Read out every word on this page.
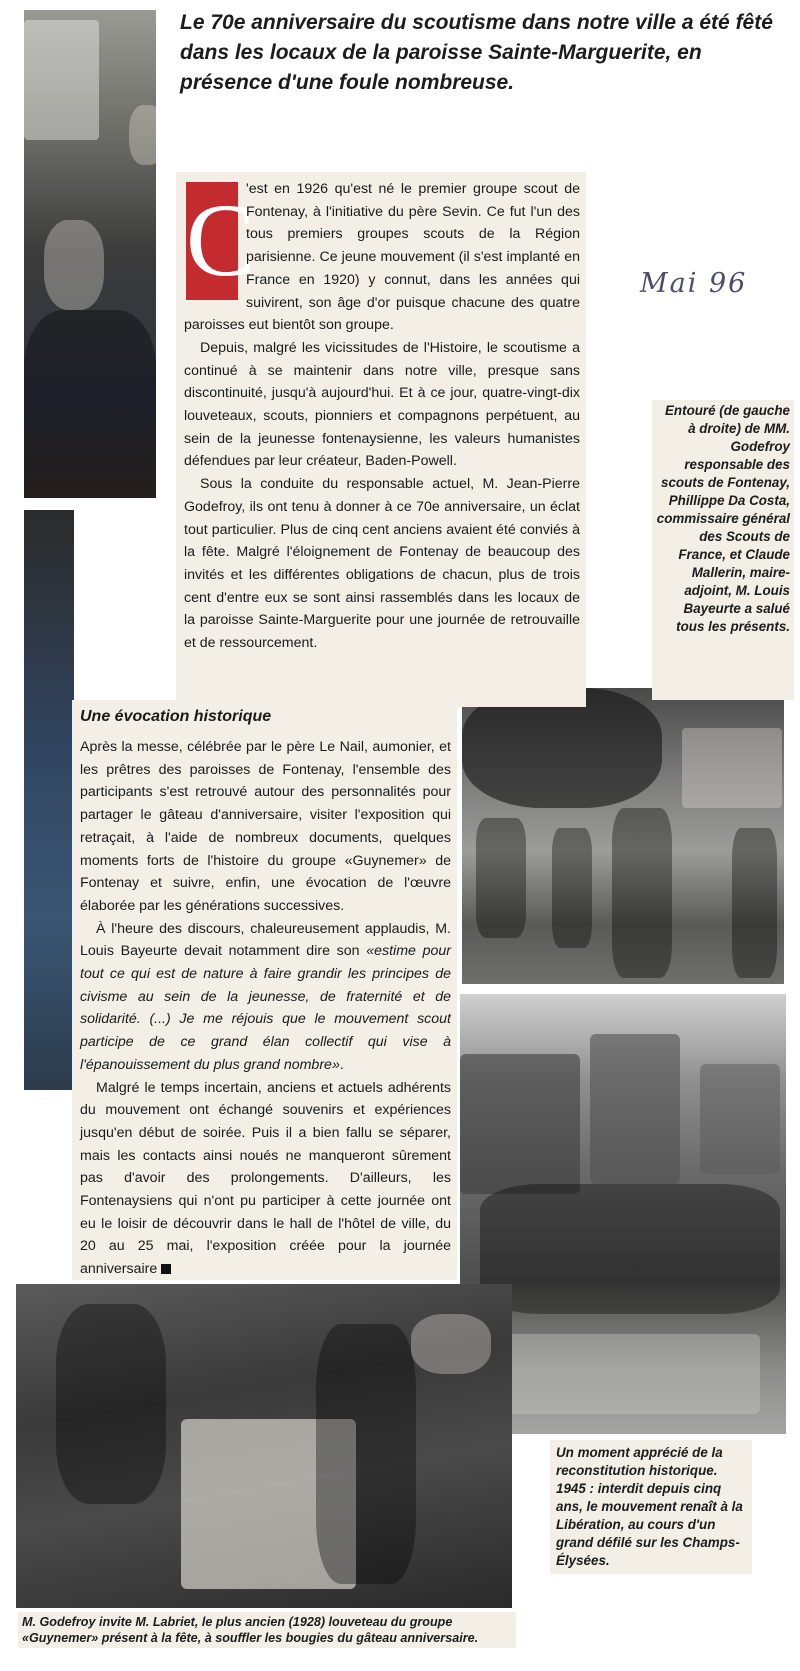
Le 70e anniversaire du scoutisme dans notre ville a été fêté dans les locaux de la paroisse Sainte-Marguerite, en présence d'une foule nombreuse.
Mai 96
C

'est en 1926 qu'est né le premier groupe scout de Fontenay, à l'initiative du père Sevin. Ce fut l'un des tous premiers groupes scouts de la Région parisienne. Ce jeune mouvement (il s'est implanté en France en 1920) y connut, dans les années qui suivirent, son âge d'or puisque chacune des quatre paroisses eut bientôt son groupe.

Depuis, malgré les vicissitudes de l'Histoire, le scoutisme a continué à se maintenir dans notre ville, presque sans discontinuité, jusqu'à aujourd'hui. Et à ce jour, quatre-vingt-dix louveteaux, scouts, pionniers et compagnons perpétuent, au sein de la jeunesse fontenaysienne, les valeurs humanistes défendues par leur créateur, Baden-Powell.

Sous la conduite du responsable actuel, M. Jean-Pierre Godefroy, ils ont tenu à donner à ce 70e anniversaire, un éclat tout particulier. Plus de cinq cent anciens avaient été conviés à la fête. Malgré l'éloignement de Fontenay de beaucoup des invités et les différentes obligations de chacun, plus de trois cent d'entre eux se sont ainsi rassemblés dans les locaux de la paroisse Sainte-Marguerite pour une journée de retrouvaille et de ressourcement.

Entouré (de gauche à droite) de MM. Godefroy responsable des scouts de Fontenay, Phillippe Da Costa, commissaire général des Scouts de France, et Claude Mallerin, maire-adjoint, M. Louis Bayeurte a salué tous les présents.
Une évocation historique

Après la messe, célébrée par le père Le Nail, aumonier, et les prêtres des paroisses de Fontenay, l'ensemble des participants s'est retrouvé autour des personnalités pour partager le gâteau d'anniversaire, visiter l'exposition qui retraçait, à l'aide de nombreux documents, quelques moments forts de l'histoire du groupe «Guynemer» de Fontenay et suivre, enfin, une évocation de l'œuvre élaborée par les générations successives.

À l'heure des discours, chaleureusement applaudis, M. Louis Bayeurte devait notamment dire son «estime pour tout ce qui est de nature à faire grandir les principes de civisme au sein de la jeunesse, de fraternité et de solidarité. (...) Je me réjouis que le mouvement scout participe de ce grand élan collectif qui vise à l'épanouissement du plus grand nombre».

Malgré le temps incertain, anciens et actuels adhérents du mouvement ont échangé souvenirs et expériences jusqu'en début de soirée. Puis il a bien fallu se séparer, mais les contacts ainsi noués ne manqueront sûrement pas d'avoir des prolongements. D'ailleurs, les Fontenaysiens qui n'ont pu participer à cette journée ont eu le loisir de découvrir dans le hall de l'hôtel de ville, du 20 au 25 mai, l'exposition créée pour la journée anniversaire

Un moment apprécié de la reconstitution historique. 1945 : interdit depuis cinq ans, le mouvement renaît à la Libération, au cours d'un grand défilé sur les Champs-Élysées.
M. Godefroy invite M. Labriet, le plus ancien (1928) louveteau du groupe «Guynemer» présent à la fête, à souffler les bougies du gâteau anniversaire.
